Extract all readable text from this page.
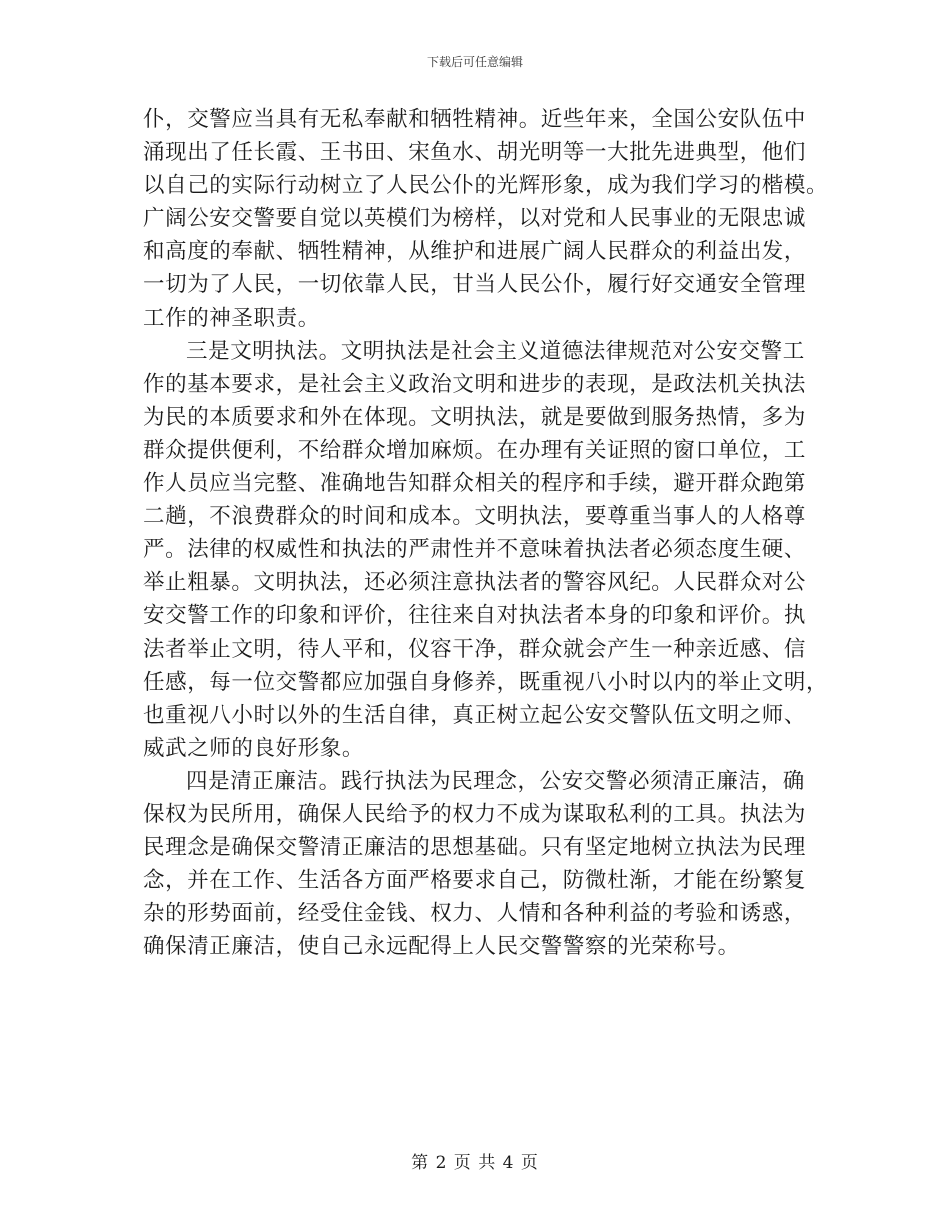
下载后可任意编辑
仆，交警应当具有无私奉献和牺牲精神。近些年来，全国公安队伍中
涌现出了任长霞、王书田、宋鱼水、胡光明等一大批先进典型，他们
以自己的实际行动树立了人民公仆的光辉形象，成为我们学习的楷模。
广阔公安交警要自觉以英模们为榜样，以对党和人民事业的无限忠诚
和高度的奉献、牺牲精神，从维护和进展广阔人民群众的利益出发，
一切为了人民，一切依靠人民，甘当人民公仆，履行好交通安全管理
工作的神圣职责。
三是文明执法。文明执法是社会主义道德法律规范对公安交警工
作的基本要求，是社会主义政治文明和进步的表现，是政法机关执法
为民的本质要求和外在体现。文明执法，就是要做到服务热情，多为
群众提供便利，不给群众增加麻烦。在办理有关证照的窗口单位，工
作人员应当完整、准确地告知群众相关的程序和手续，避开群众跑第
二趟，不浪费群众的时间和成本。文明执法，要尊重当事人的人格尊
严。法律的权威性和执法的严肃性并不意味着执法者必须态度生硬、
举止粗暴。文明执法，还必须注意执法者的警容风纪。人民群众对公
安交警工作的印象和评价，往往来自对执法者本身的印象和评价。执
法者举止文明，待人平和，仪容干净，群众就会产生一种亲近感、信
任感，每一位交警都应加强自身修养，既重视八小时以内的举止文明，
也重视八小时以外的生活自律，真正树立起公安交警队伍文明之师、
威武之师的良好形象。
四是清正廉洁。践行执法为民理念，公安交警必须清正廉洁，确
保权为民所用，确保人民给予的权力不成为谋取私利的工具。执法为
民理念是确保交警清正廉洁的思想基础。只有坚定地树立执法为民理
念，并在工作、生活各方面严格要求自己，防微杜渐，才能在纷繁复
杂的形势面前，经受住金钱、权力、人情和各种利益的考验和诱惑，
确保清正廉洁，使自己永远配得上人民交警警察的光荣称号。
第 2 页 共 4 页
